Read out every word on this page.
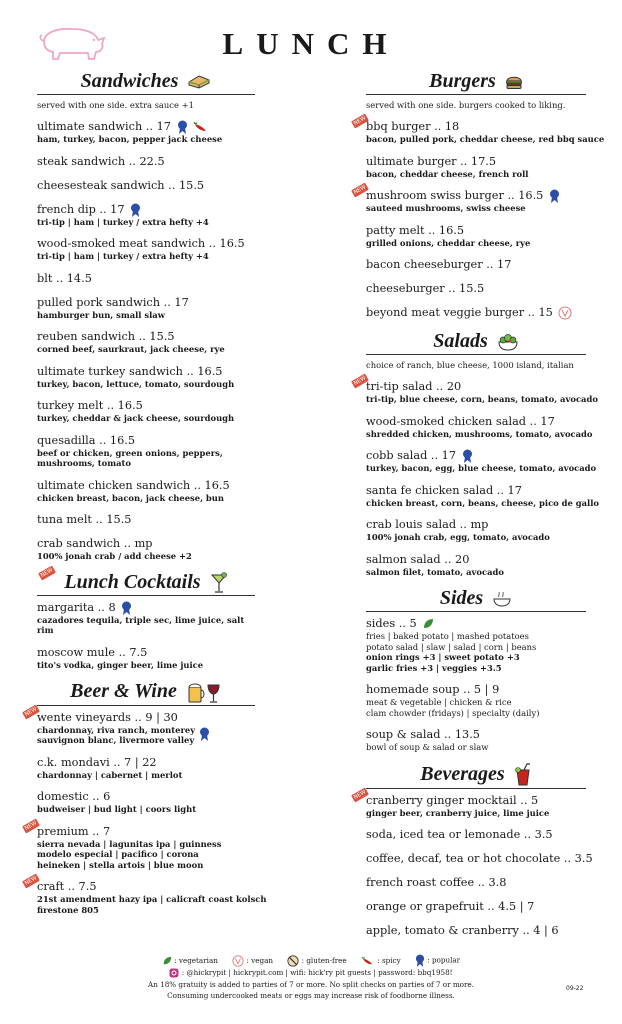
LUNCH
Sandwiches
served with one side. extra sauce +1
ultimate sandwich .. 17
ham, turkey, bacon, pepper jack cheese
steak sandwich .. 22.5
cheesesteak sandwich .. 15.5
french dip .. 17
tri-tip | ham | turkey / extra hefty +4
wood-smoked meat sandwich .. 16.5
tri-tip | ham | turkey / extra hefty +4
blt .. 14.5
pulled pork sandwich .. 17
hamburger bun, small slaw
reuben sandwich .. 15.5
corned beef, saurkraut, jack cheese, rye
ultimate turkey sandwich .. 16.5
turkey, bacon, lettuce, tomato, sourdough
turkey melt .. 16.5
turkey, cheddar & jack cheese, sourdough
quesadilla .. 16.5
beef or chicken, green onions, peppers, mushrooms, tomato
ultimate chicken sandwich .. 16.5
chicken breast, bacon, jack cheese, bun
tuna melt .. 15.5
crab sandwich .. mp
100% jonah crab / add cheese +2
NEW Lunch Cocktails
margarita .. 8
cazadores tequila, triple sec, lime juice, salt rim
moscow mule .. 7.5
tito's vodka, ginger beer, lime juice
Beer & Wine
NEW
wente vineyards .. 9 | 30
chardonnay, riva ranch, monterey
sauvignon blanc, livermore valley
c.k. mondavi .. 7 | 22
chardonnay | cabernet | merlot
domestic .. 6
budweiser | bud light | coors light
NEW
premium .. 7
sierra nevada | lagunitas ipa | guinness
modelo especial | pacifico | corona
heineken | stella artois | blue moon
NEW
craft .. 7.5
21st amendment hazy ipa | calicraft coast kolsch
firestone 805
Burgers
served with one side. burgers cooked to liking.
NEW
bbq burger .. 18
bacon, pulled pork, cheddar cheese, red bbq sauce
ultimate burger .. 17.5
bacon, cheddar cheese, french roll
NEW
mushroom swiss burger .. 16.5
sauteed mushrooms, swiss cheese
patty melt .. 16.5
grilled onions, cheddar cheese, rye
bacon cheeseburger .. 17
cheeseburger .. 15.5
beyond meat veggie burger .. 15
Salads
choice of ranch, blue cheese, 1000 island, italian
NEW
tri-tip salad .. 20
tri-tip, blue cheese, corn, beans, tomato, avocado
wood-smoked chicken salad .. 17
shredded chicken, mushrooms, tomato, avocado
cobb salad .. 17
turkey, bacon, egg, blue cheese, tomato, avocado
santa fe chicken salad .. 17
chicken breast, corn, beans, cheese, pico de gallo
crab louis salad .. mp
100% jonah crab, egg, tomato, avocado
salmon salad .. 20
salmon filet, tomato, avocado
Sides
sides .. 5
fries | baked potato | mashed potatoes
potato salad | slaw | salad | corn | beans
onion rings +3 | sweet potato +3
garlic fries +3 | veggies +3.5
homemade soup .. 5 | 9
meat & vegetable | chicken & rice
clam chowder (fridays) | specialty (daily)
soup & salad .. 13.5
bowl of soup & salad or slaw
Beverages
NEW
cranberry ginger mocktail .. 5
ginger beer, cranberry juice, lime juice
soda, iced tea or lemonade .. 3.5
coffee, decaf, tea or hot chocolate .. 3.5
french roast coffee .. 3.8
orange or grapefruit .. 4.5 | 7
apple, tomato & cranberry .. 4 | 6
: vegetarian	: vegan	: gluten-free	: spicy	: popular
: @hickrypit | hickrypit.com | wifi: hick'ry pit guests | password: bbq1958!
An 18% gratuity is added to parties of 7 or more. No split checks on parties of 7 or more.
Consuming undercooked meats or eggs may increase risk of foodborne illness.
09-22
